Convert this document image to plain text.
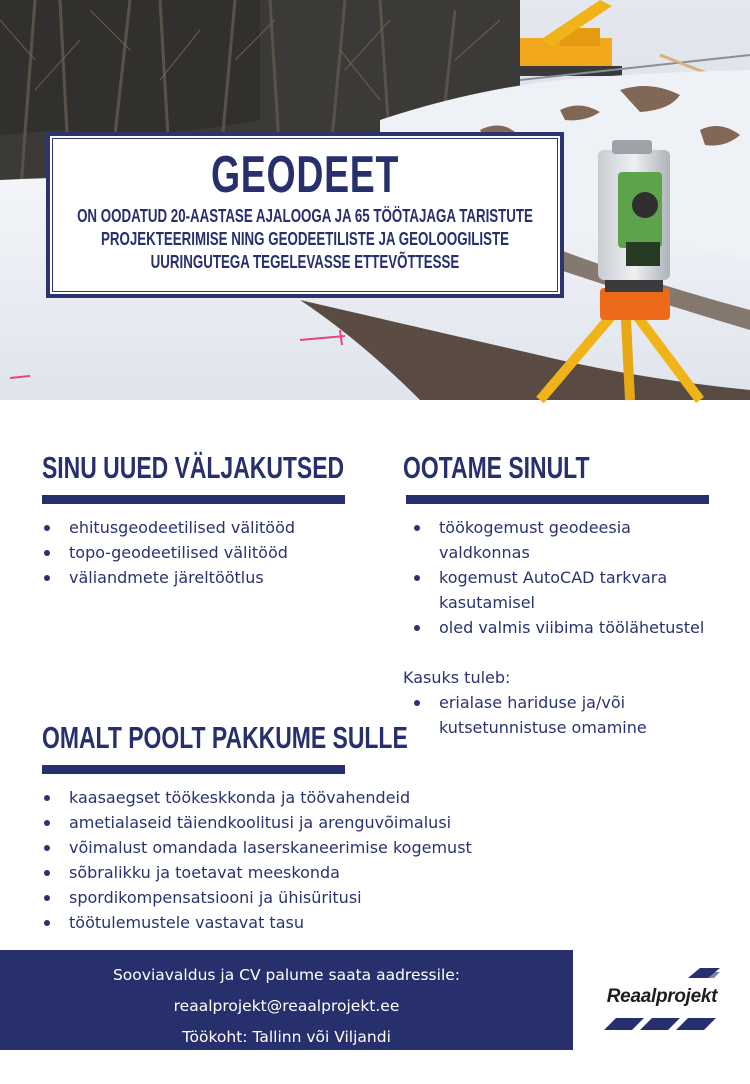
GEODEET
ON OODATUD 20-AASTASE AJALOOGA JA 65 TÖÖTAJAGA TARISTUTE PROJEKTEERIMISE NING GEODEETILISTE JA GEOLOOGILISTE UURINGUTEGA TEGELEVASSE ETTEVÕTTESSE
SINU UUED VÄLJAKUTSED
ehitusgeodeetilised välitööd
topo-geodeetilised välitööd
väliandmete järeltöötlus
OOTAME SINULT
töökogemust geodeesia valdkonnas
kogemust AutoCAD tarkvara kasutamisel
oled valmis viibima töölähetustel
Kasuks tuleb:
erialase hariduse ja/või kutsetunnistuse omamine
OMALT POOLT PAKKUME SULLE
kaasaegset töökeskkonda ja töövahendeid
ametialaseid täiendkoolitusi ja arenguvõimalusi
võimalust omandada laserskaneerimise kogemust
sõbralikku ja toetavat meeskonda
spordikompensatsiooni ja ühisüritusi
töötulemustele vastavat tasu
Sooviavaldus ja CV palume saata aadressile: reaalprojekt@reaalprojekt.ee
Töökoht: Tallinn või Viljandi
www.reaalprojekt.ee
Reaalprojekt
